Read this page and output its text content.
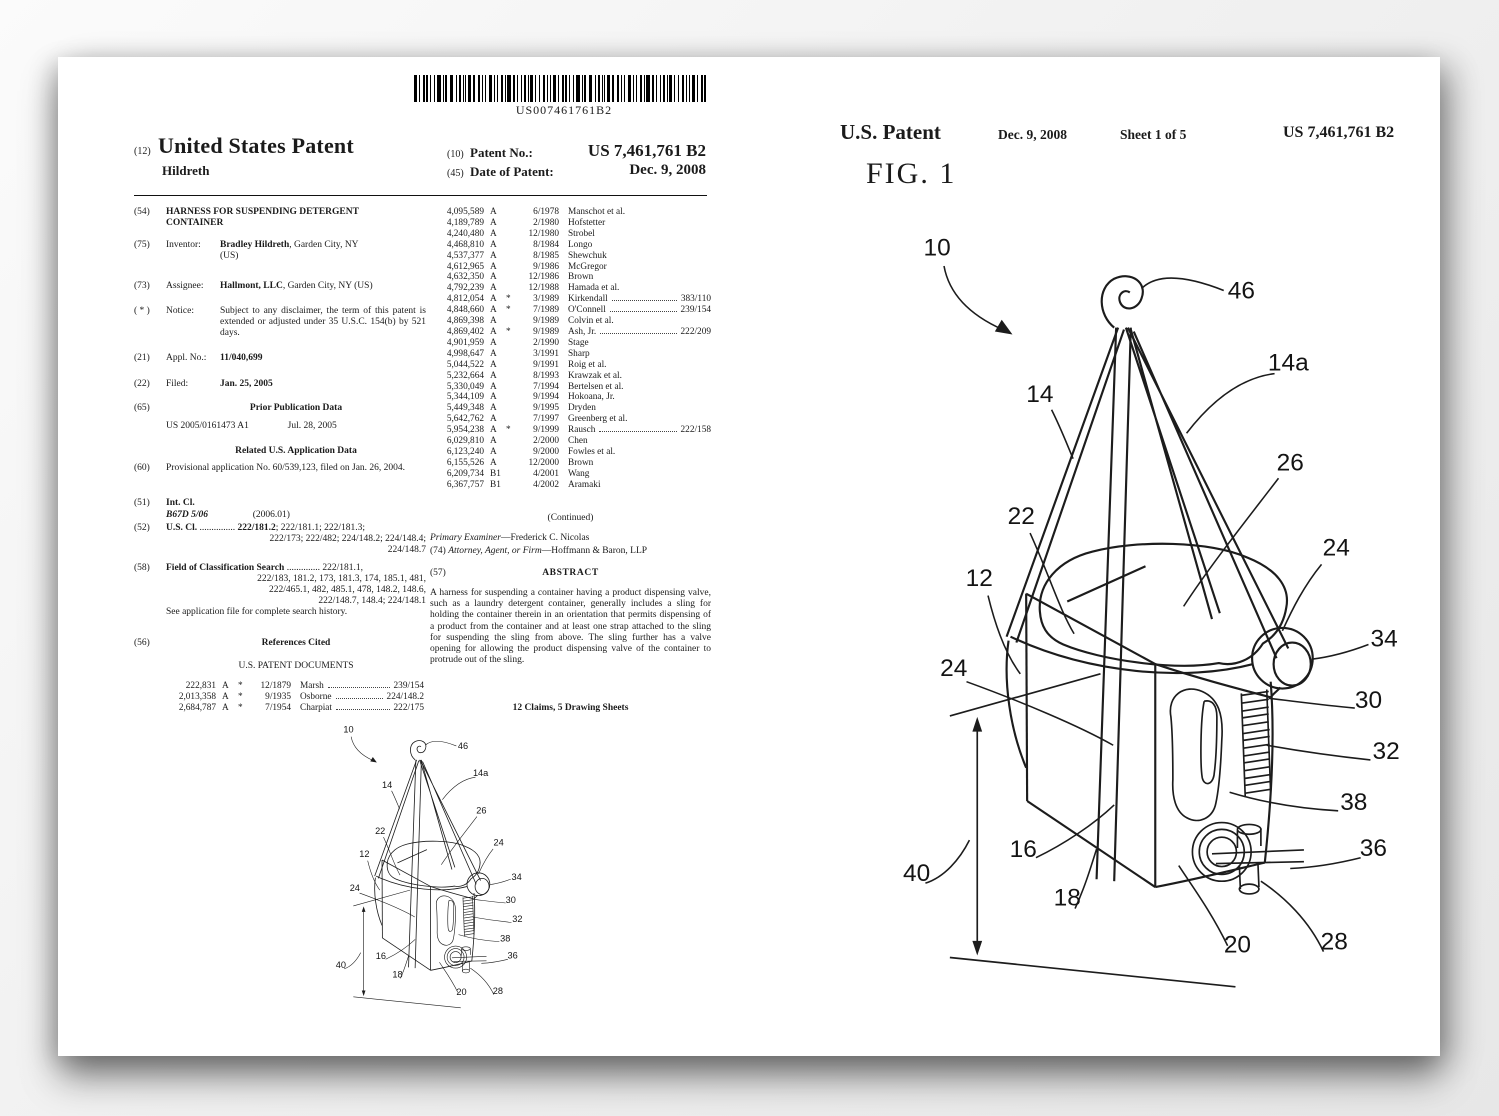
US007461761B2
(12) United States Patent
Hildreth
(10) Patent No.:	US 7,461,761 B2
(45) Date of Patent:	Dec. 9, 2008
(54)	HARNESS FOR SUSPENDING DETERGENT
CONTAINER
(75)	Inventor:	Bradley Hildreth, Garden City, NY
(US)
(73)	Assignee:	Hallmont, LLC, Garden City, NY (US)
( * )	Notice:	Subject to any disclaimer, the term of this patent is extended or adjusted under 35 U.S.C. 154(b) by 521 days.
(21)	Appl. No.:	11/040,699
(22)	Filed:	Jan. 25, 2005
(65)	Prior Publication Data
US 2005/0161473 A1	Jul. 28, 2005
Related U.S. Application Data
(60)	Provisional application No. 60/539,123, filed on Jan. 26, 2004.
(51)	Int. Cl.
B67D 5/06	(2006.01)
(52)	U.S. Cl. ............... 222/181.2; 222/181.1; 222/181.3;
222/173; 222/482; 224/148.2; 224/148.4;
224/148.7
(58)	Field of Classification Search .............. 222/181.1,
222/183, 181.2, 173, 181.3, 174, 185.1, 481,
222/465.1, 482, 485.1, 478, 148.2, 148.6,
222/148.7, 148.4; 224/148.1
See application file for complete search history.
(56)	References Cited
U.S. PATENT DOCUMENTS
222,831 A *	12/1879 Marsh	239/154
2,013,358 A *	9/1935 Osborne	224/148.2
2,684,787 A *	7/1954 Charpiat	222/175
4,095,589 A	6/1978 Manschot et al.
4,189,789 A	2/1980 Hofstetter
4,240,480 A	12/1980 Strobel
4,468,810 A	8/1984 Longo
4,537,377 A	8/1985 Shewchuk
4,612,965 A	9/1986 McGregor
4,632,350 A	12/1986 Brown
4,792,239 A	12/1988 Hamada et al.
4,812,054 A *	3/1989 Kirkendall	383/110
4,848,660 A *	7/1989 O'Connell	239/154
4,869,398 A	9/1989 Colvin et al.
4,869,402 A *	9/1989 Ash, Jr.	222/209
4,901,959 A	2/1990 Stage
4,998,647 A	3/1991 Sharp
5,044,522 A	9/1991 Roig et al.
5,232,664 A	8/1993 Krawzak et al.
5,330,049 A	7/1994 Bertelsen et al.
5,344,109 A	9/1994 Hokoana, Jr.
5,449,348 A	9/1995 Dryden
5,642,762 A	7/1997 Greenberg et al.
5,954,238 A *	9/1999 Rausch	222/158
6,029,810 A	2/2000 Chen
6,123,240 A	9/2000 Fowles et al.
6,155,526 A	12/2000 Brown
6,209,734 B1	4/2001 Wang
6,367,757 B1	4/2002 Aramaki
(Continued)
Primary Examiner—Frederick C. Nicolas
(74) Attorney, Agent, or Firm—Hoffmann & Baron, LLP
(57)	ABSTRACT
A harness for suspending a container having a product dispensing valve, such as a laundry detergent container, generally includes a sling for holding the container therein in an orientation that permits dispensing of a product from the container and at least one strap attached to the sling for suspending the sling from above. The sling further has a valve opening for allowing the product dispensing valve of the container to protrude out of the sling.
12 Claims, 5 Drawing Sheets
U.S. Patent	Dec. 9, 2008	Sheet 1 of 5	US 7,461,761 B2
FIG. 1
